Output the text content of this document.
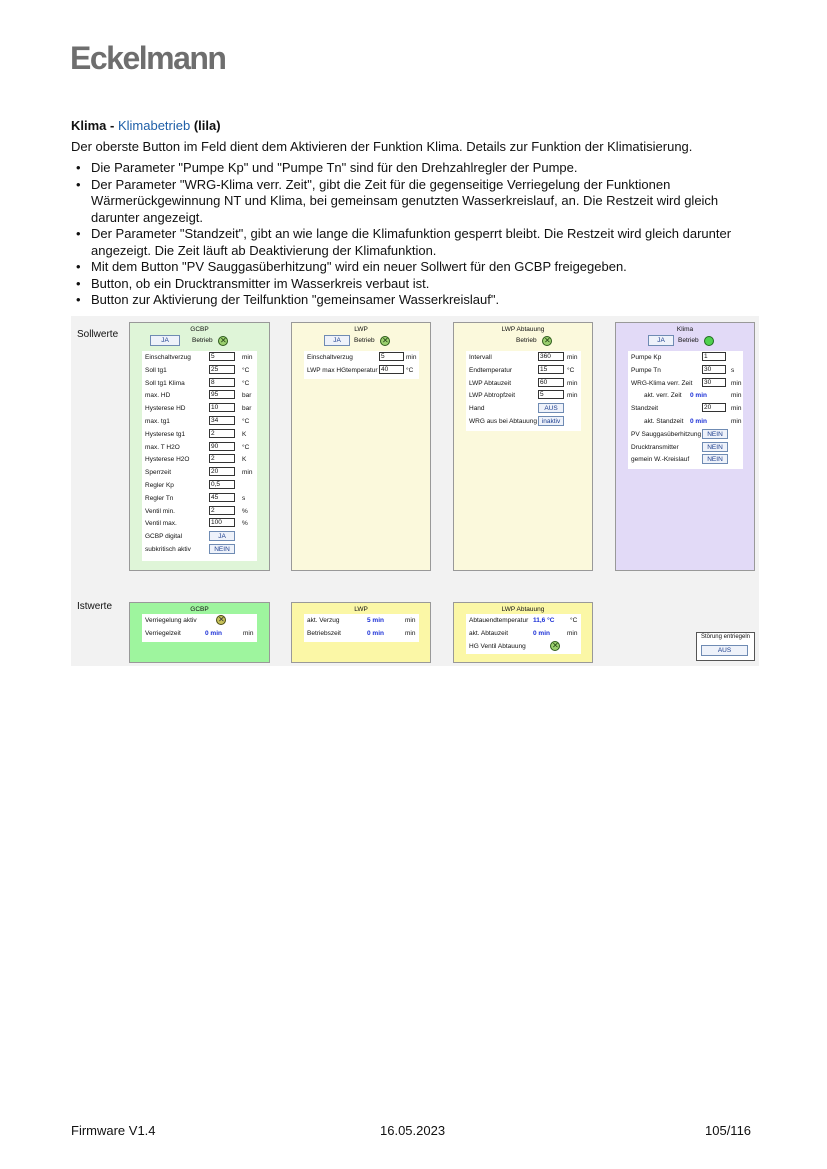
Eckelmann
Klima - Klimabetrieb (lila)
Der oberste Button im Feld dient dem Aktivieren der Funktion Klima. Details zur Funktion der Klimatisierung.
• Die Parameter "Pumpe Kp" und "Pumpe Tn" sind für den Drehzahlregler der Pumpe.
• Der Parameter "WRG-Klima verr. Zeit", gibt die Zeit für die gegenseitige Verriegelung der Funktionen Wärmerückgewinnung NT und Klima, bei gemeinsam genutzten Wasserkreislauf, an. Die Restzeit wird gleich darunter angezeigt.
• Der Parameter "Standzeit", gibt an wie lange die Klimafunktion gesperrt bleibt. Die Restzeit wird gleich darunter angezeigt. Die Zeit läuft ab Deaktivierung der Klimafunktion.
• Mit dem Button "PV Sauggasüberhitzung" wird ein neuer Sollwert für den GCBP freigegeben.
• Button, ob ein Drucktransmitter im Wasserkreis verbaut ist.
• Button zur Aktivierung der Teilfunktion "gemeinsamer Wasserkreislauf".
Sollwerte
Istwerte
GCBP
JA	Betrieb
✕
Einschaltverzug	5	min
Soll tg1	25	°C
Soll tg1 Klima	8	°C
max. HD	95	bar
Hysterese HD	10	bar
max. tg1	34	°C
Hysterese tg1	2	K
max. T H2O	90	°C
Hysterese H2O	2	K
Sperrzeit	20	min
Regler Kp	0,5
Regler Tn	45	s
Ventil min.	2	%
Ventil max.	100	%
GCBP digital	JA
subkritisch aktiv	NEIN
LWP
JA	Betrieb
✕
Einschaltverzug	5	min
LWP max HGtemperatur 40	°C
LWP Abtauung
Betrieb
✕
Intervall	360	min
Endtemperatur	15	°C
LWP Abtauzeit	60	min
LWP Abtropfzeit	5	min
Hand	AUS
WRG aus bei Abtauung inaktiv
Klima
JA	Betrieb
Pumpe Kp	1
Pumpe Tn	30	s
WRG-Klima verr. Zeit	30	min
akt. verr. Zeit 0 min	min
Standzeit	20	min
akt. Standzeit 0 min	min
PV Sauggasüberhitzung NEIN
Drucktransmitter	NEIN
gemein W.-Kreislauf	NEIN
GCBP
Verriegelung aktiv
✕
Verriegelzeit	0 min	min
LWP
akt. Verzug	5 min	min
Betriebszeit	0 min	min
LWP Abtauung
Abtauendtemperatur 11,6 °C °C
akt. Abtauzeit	0 min	min
HG Ventil Abtauung
✕
Störung entriegeln
AUS
Firmware V1.4	16.05.2023	105/116
